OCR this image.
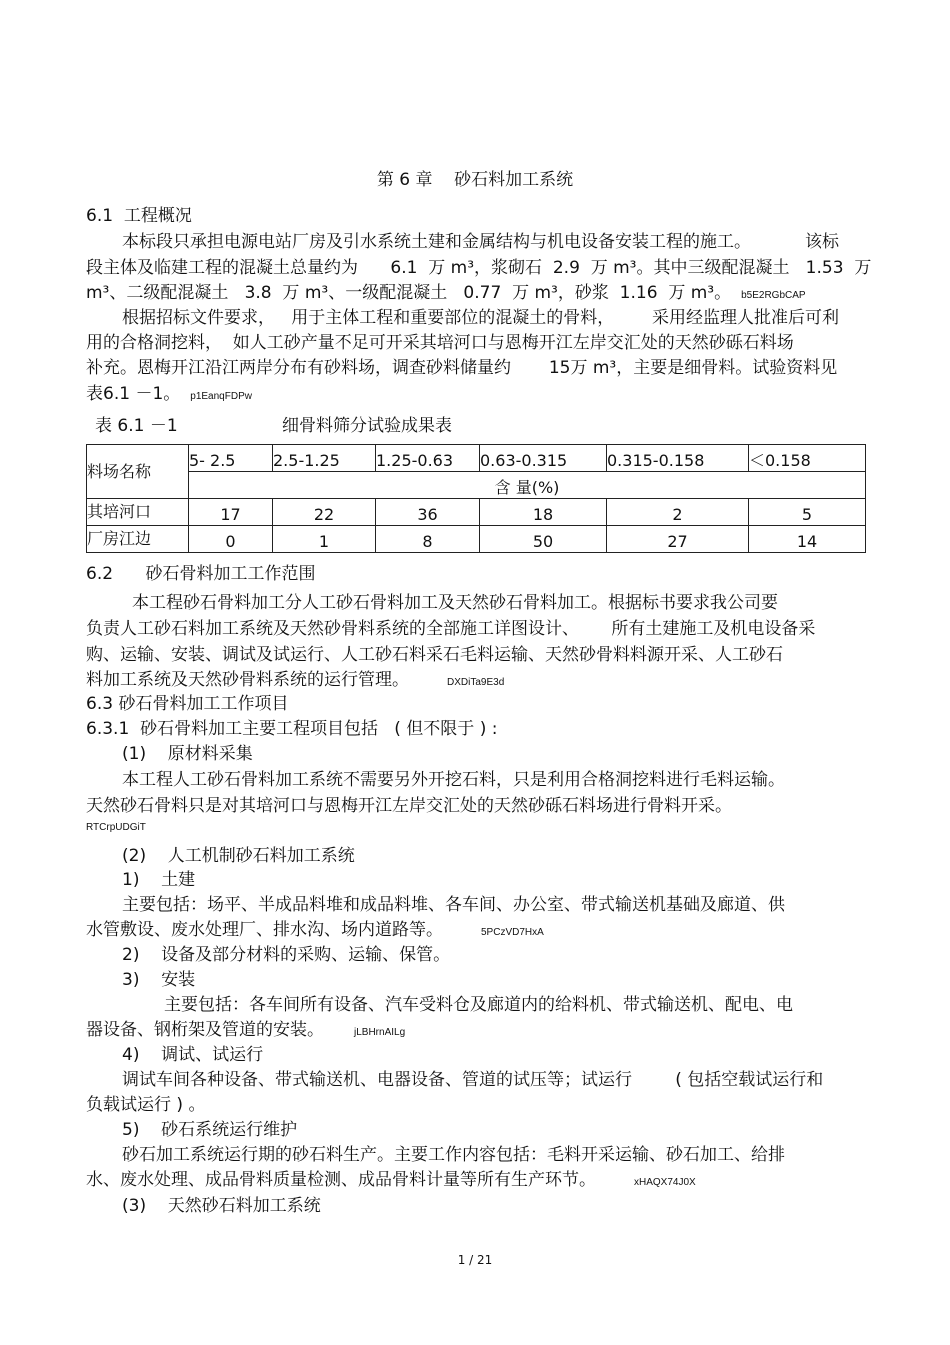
第 6 章    砂石料加工系统
6.1  工程概况
本标段只承担电源电站厂房及引水系统土建和金属结构与机电设备安装工程的施工。          该标
段主体及临建工程的混凝土总量约为      6.1  万 m³，浆砌石  2.9  万 m³。其中三级配混凝土   1.53  万
m³、二级配混凝土   3.8  万 m³、一级配混凝土   0.77  万 m³，砂浆  1.16  万 m³。 b5E2RGbCAP
根据招标文件要求，   用于主体工程和重要部位的混凝土的骨料，       采用经监理人批准后可利
用的合格洞挖料，  如人工砂产量不足可开采其培河口与恩梅开江左岸交汇处的天然砂砾石料场
补充。恩梅开江沿江两岸分布有砂料场，调查砂料储量约       15万 m³，主要是细骨料。试验资料见
表6.1 －1。 p1EanqFDPw
表 6.1 －1	细骨料筛分试验成果表
料场名称	5- 2.5	2.5-1.25	1.25-0.63	0.63-0.315	0.315-0.158	＜0.158
	含 量(%)					
其培河口	17	22	36	18	2	5
厂房江边	0	1	8	50	27	14
6.2      砂石骨料加工工作范围
本工程砂石骨料加工分人工砂石骨料加工及天然砂石骨料加工。根据标书要求我公司要
负责人工砂石料加工系统及天然砂骨料系统的全部施工详图设计、      所有土建施工及机电设备采
购、运输、安装、调试及试运行、人工砂石料采石毛料运输、天然砂骨料料源开采、人工砂石
料加工系统及天然砂骨料系统的运行管理。	DXDiTa9E3d
6.3 砂石骨料加工工作项目
6.3.1  砂石骨料加工主要工程项目包括   ( 但不限于 ) :
(1)    原材料采集
本工程人工砂石骨料加工系统不需要另外开挖石料，只是利用合格洞挖料进行毛料运输。
天然砂石骨料只是对其培河口与恩梅开江左岸交汇处的天然砂砾石料场进行骨料开采。
RTCrpUDGiT
(2)    人工机制砂石料加工系统
1)    土建
主要包括：场平、半成品料堆和成品料堆、各车间、办公室、带式输送机基础及廊道、供
水管敷设、废水处理厂、排水沟、场内道路等。	5PCzVD7HxA
2)    设备及部分材料的采购、运输、保管。
3)    安装
主要包括：各车间所有设备、汽车受料仓及廊道内的给料机、带式输送机、配电、电
器设备、钢桁架及管道的安装。	jLBHrnAILg
4)    调试、试运行
调试车间各种设备、带式输送机、电器设备、管道的试压等；试运行        ( 包括空载试运行和
负载试运行 ) 。
5)    砂石系统运行维护
砂石加工系统运行期的砂石料生产。主要工作内容包括：毛料开采运输、砂石加工、给排
水、废水处理、成品骨料质量检测、成品骨料计量等所有生产环节。	xHAQX74J0X
(3)    天然砂石料加工系统
1 / 21
